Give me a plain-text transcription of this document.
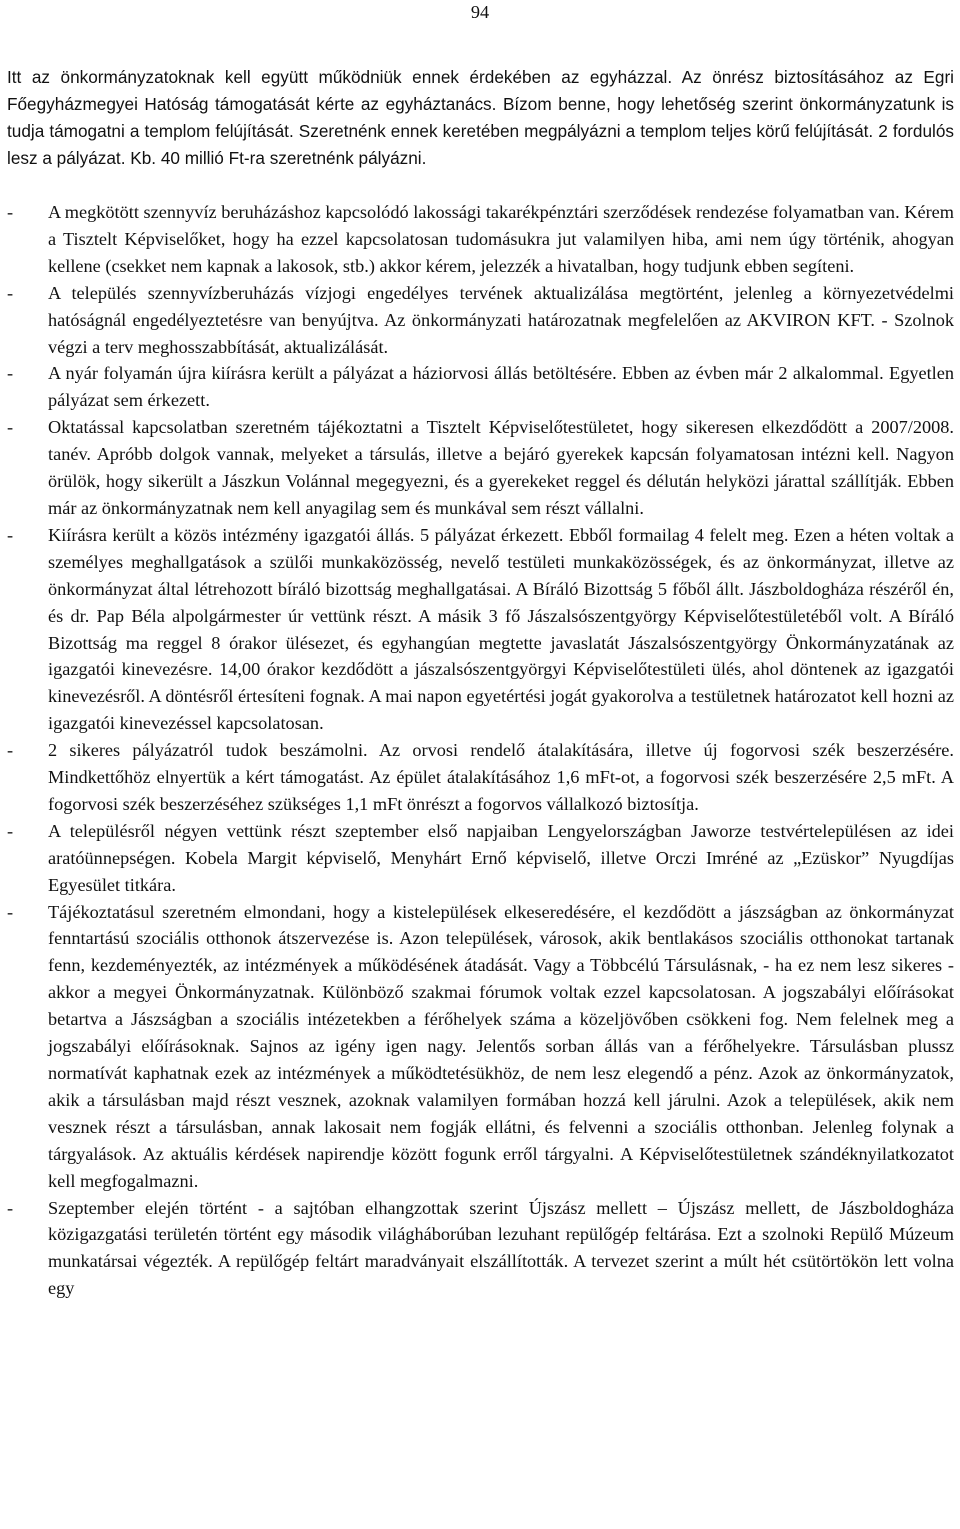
94

Itt az önkormányzatoknak kell együtt működniük ennek érdekében az egyházzal. Az önrész biztosításához az Egri Főegyházmegyei Hatóság támogatását kérte az egyháztanács. Bízom benne, hogy lehetőség szerint önkormányzatunk is tudja támogatni a templom felújítását. Szeretnénk ennek keretében megpályázni a templom teljes körű felújítását. 2 fordulós lesz a pályázat. Kb. 40 millió Ft-ra szeretnénk pályázni.

-	A megkötött szennyvíz beruházáshoz kapcsolódó lakossági takarékpénztári szerződések rendezése folyamatban van. Kérem a Tisztelt Képviselőket, hogy ha ezzel kapcsolatosan tudomásukra jut valamilyen hiba, ami nem úgy történik, ahogyan kellene (csekket nem kapnak a lakosok, stb.) akkor kérem, jelezzék a hivatalban, hogy tudjunk ebben segíteni.
-	A település szennyvízberuházás vízjogi engedélyes tervének aktualizálása megtörtént, jelenleg a környezetvédelmi hatóságnál engedélyeztetésre van benyújtva. Az önkormányzati határozatnak megfelelően az AKVIRON KFT. - Szolnok végzi a terv meghosszabbítását, aktualizálását.
-	A nyár folyamán újra kiírásra került a pályázat a háziorvosi állás betöltésére. Ebben az évben már 2 alkalommal. Egyetlen pályázat sem érkezett.
-	Oktatással kapcsolatban szeretném tájékoztatni a Tisztelt Képviselőtestületet, hogy sikeresen elkezdődött a 2007/2008. tanév. Apróbb dolgok vannak, melyeket a társulás, illetve a bejáró gyerekek kapcsán folyamatosan intézni kell. Nagyon örülök, hogy sikerült a Jászkun Volánnal megegyezni, és a gyerekeket reggel és délután helyközi járattal szállítják. Ebben már az önkormányzatnak nem kell anyagilag sem és munkával sem részt vállalni.
-	Kiírásra került a közös intézmény igazgatói állás. 5 pályázat érkezett. Ebből formailag 4 felelt meg. Ezen a héten voltak a személyes meghallgatások a szülői munkaközösség, nevelő testületi munkaközösségek, és az önkormányzat, illetve az önkormányzat által létrehozott bíráló bizottság meghallgatásai. A Bíráló Bizottság 5 főből állt. Jászboldogháza részéről én, és dr. Pap Béla alpolgármester úr vettünk részt. A másik 3 fő Jászalsószentgyörgy Képviselőtestületéből volt. A Bíráló Bizottság ma reggel 8 órakor ülésezet, és egyhangúan megtette javaslatát Jászalsószentgyörgy Önkormányzatának az igazgatói kinevezésre. 14,00 órakor kezdődött a jászalsószentgyörgyi Képviselőtestületi ülés, ahol döntenek az igazgatói kinevezésről. A döntésről értesíteni fognak. A mai napon egyetértési jogát gyakorolva a testületnek határozatot kell hozni az igazgatói kinevezéssel kapcsolatosan.
-	2 sikeres pályázatról tudok beszámolni. Az orvosi rendelő átalakítására, illetve új fogorvosi szék beszerzésére. Mindkettőhöz elnyertük a kért támogatást. Az épület átalakításához 1,6 mFt-ot, a fogorvosi szék beszerzésére 2,5 mFt. A fogorvosi szék beszerzéséhez szükséges 1,1 mFt önrészt a fogorvos vállalkozó biztosítja.
-	A településről négyen vettünk részt szeptember első napjaiban Lengyelországban Jaworze testvértelepülésen az idei aratóünnepségen. Kobela Margit képviselő, Menyhárt Ernő képviselő, illetve Orczi Imréné az „Ezüskor” Nyugdíjas Egyesület titkára.
-	Tájékoztatásul szeretném elmondani, hogy a kistelepülések elkeseredésére, el kezdődött a jászságban az önkormányzat fenntartású szociális otthonok átszervezése is. Azon települések, városok, akik bentlakásos szociális otthonokat tartanak fenn, kezdeményezték, az intézmények a működésének átadását. Vagy a Többcélú Társulásnak, - ha ez nem lesz sikeres - akkor a megyei Önkormányzatnak. Különböző szakmai fórumok voltak ezzel kapcsolatosan. A jogszabályi előírásokat betartva a Jászságban a szociális intézetekben a férőhelyek száma a közeljövőben csökkeni fog. Nem felelnek meg a jogszabályi előírásoknak. Sajnos az igény igen nagy. Jelentős sorban állás van a férőhelyekre. Társulásban plussz normatívát kaphatnak ezek az intézmények a működtetésükhöz, de nem lesz elegendő a pénz. Azok az önkormányzatok, akik a társulásban majd részt vesznek, azoknak valamilyen formában hozzá kell járulni. Azok a települések, akik nem vesznek részt a társulásban, annak lakosait nem fogják ellátni, és felvenni a szociális otthonban. Jelenleg folynak a tárgyalások. Az aktuális kérdések napirendje között fogunk erről tárgyalni. A Képviselőtestületnek szándéknyilatkozatot kell megfogalmazni.
-	Szeptember elején történt - a sajtóban elhangzottak szerint Újszász mellett – Újszász mellett, de Jászboldogháza közigazgatási területén történt egy második világháborúban lezuhant repülőgép feltárása. Ezt a szolnoki Repülő Múzeum munkatársai végezték. A repülőgép feltárt maradványait elszállították. A tervezet szerint a múlt hét csütörtökön lett volna egy
